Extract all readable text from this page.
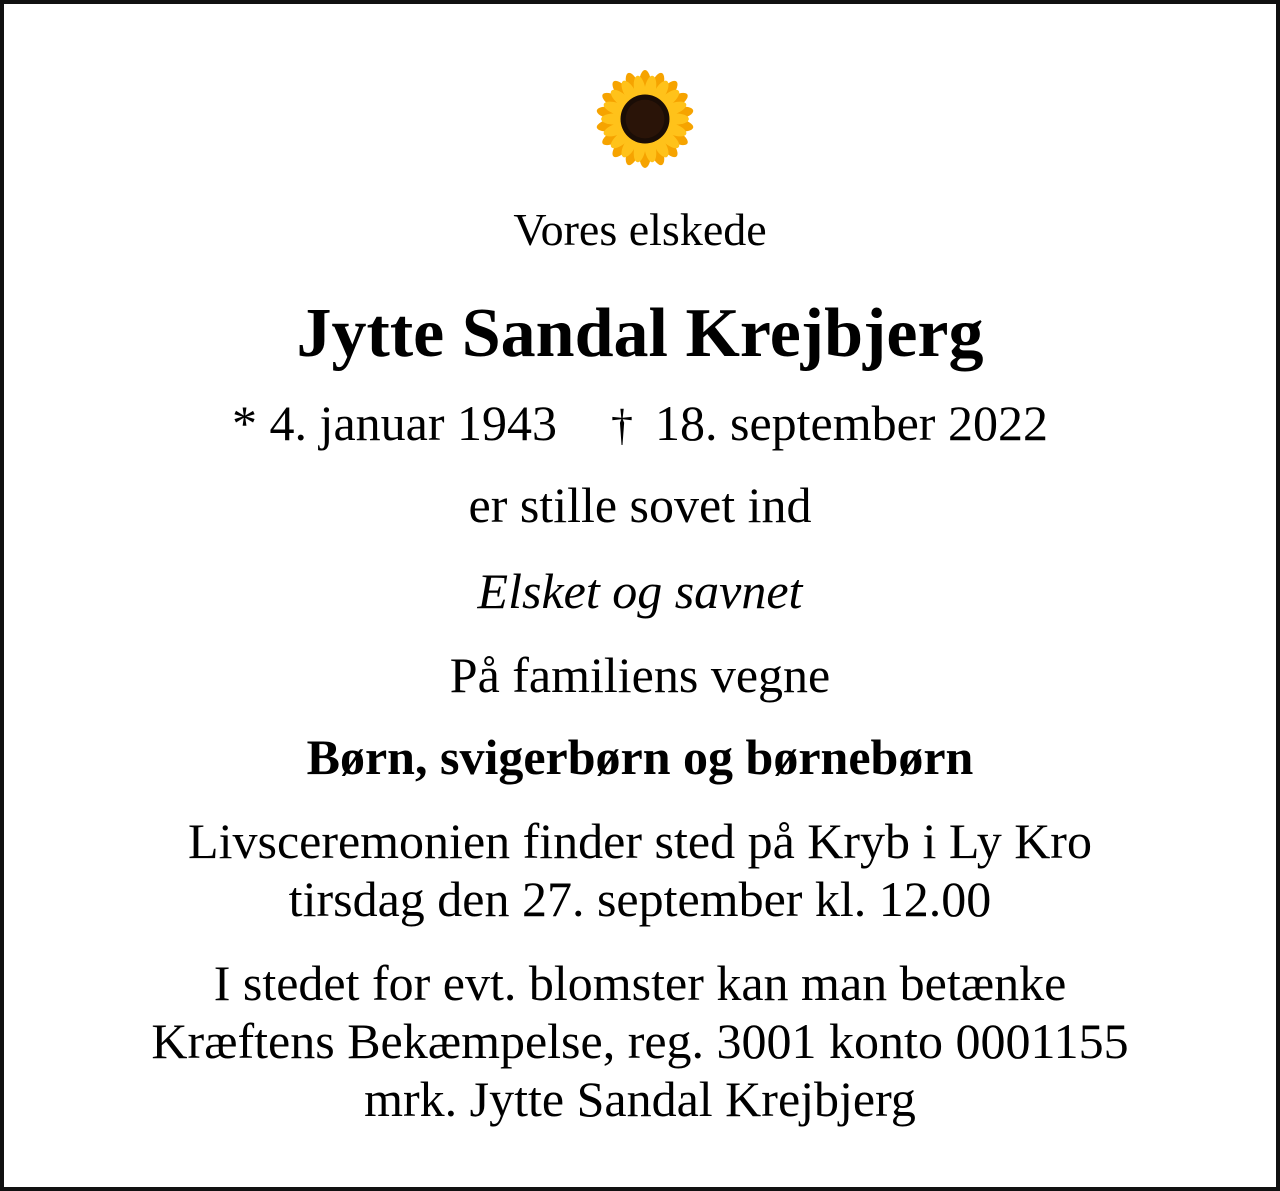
Vores elskede

Jytte Sandal Krejbjerg

* 4. januar 1943 † 18. september 2022

er stille sovet ind

Elsket og savnet

På familiens vegne

Børn, svigerbørn og børnebørn

Livsceremonien finder sted på Kryb i Ly Kro
tirsdag den 27. september kl. 12.00
I stedet for evt. blomster kan man betænke
Kræftens Bekæmpelse, reg. 3001 konto 0001155
mrk. Jytte Sandal Krejbjerg
